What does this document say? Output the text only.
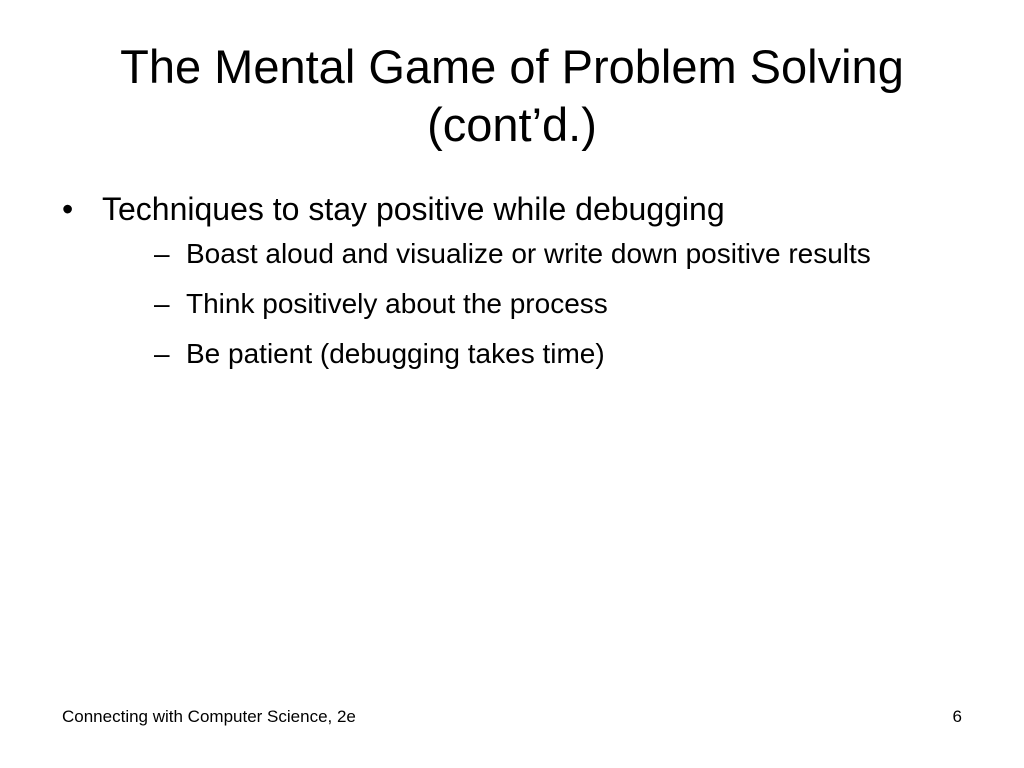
The Mental Game of Problem Solving
(cont’d.)
• Techniques to stay positive while debugging
– Boast aloud and visualize or write down positive results
– Think positively about the process
– Be patient (debugging takes time)
Connecting with Computer Science, 2e	6
